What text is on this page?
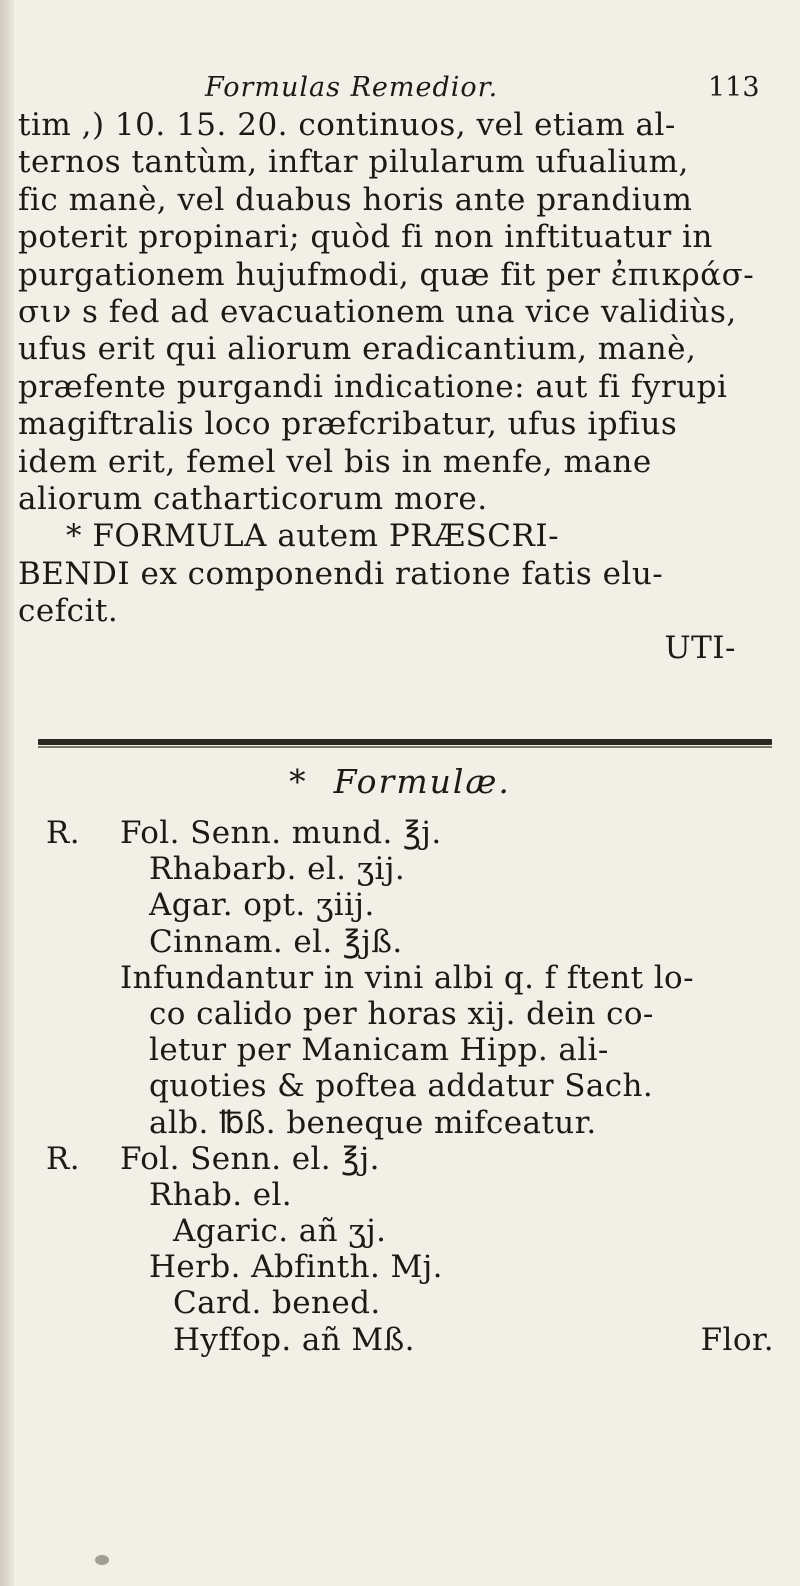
Formulas Remedior.	113
tim ,) 10. 15. 20. continuos, vel etiam al-
ternos tantùm, inftar pilularum ufualium,
fic manè, vel duabus horis ante prandium
poterit propinari; quòd fi non inftituatur in
purgationem hujufmodi, quæ fit per ἐπικράσ-
σιν s fed ad evacuationem una vice validiùs,
ufus erit qui aliorum eradicantium, manè,
præfente purgandi indicatione: aut fi fyrupi
magiftralis loco præfcribatur, ufus ipfius
idem erit, femel vel bis in menfe, mane
aliorum catharticorum more.
* FORMULA autem PRÆSCRI-
BENDI ex componendi ratione fatis elu-
cefcit.
UTI-
* Formulæ.
R. Fol. Senn. mund. ℥j.
Rhabarb. el. ʒij.
Agar. opt. ʒiij.
Cinnam. el. ℥jß.
Infundantur in vini albi q. f ftent lo-
co calido per horas xij. dein co-
letur per Manicam Hipp. ali-
quoties & poftea addatur Sach.
alb. ℔ß. beneque mifceatur.
R. Fol. Senn. el. ℥j.
Rhab. el.
Agaric. añ ʒj.
Herb. Abfinth. Mj.
Card. bened.
Hyffop. añ Mß.	Flor.
